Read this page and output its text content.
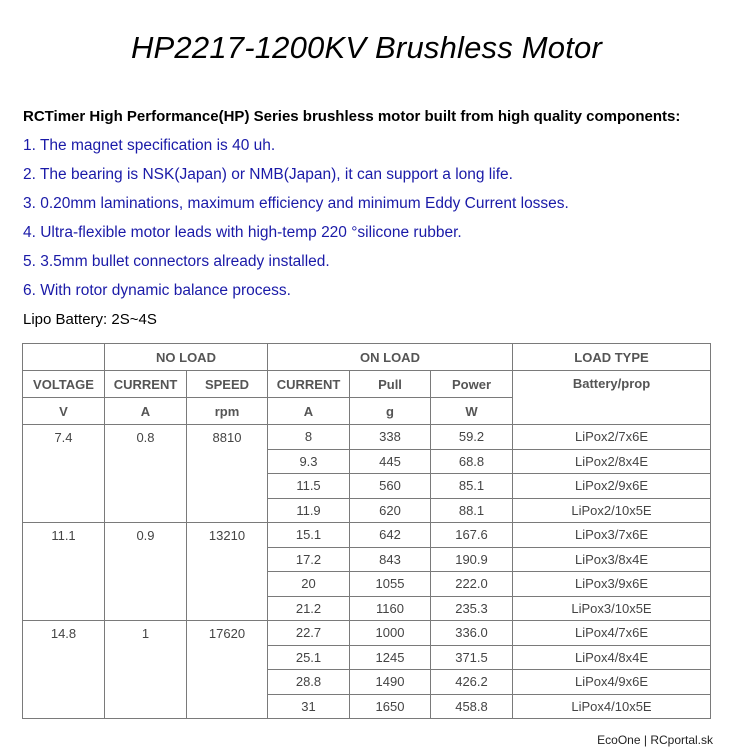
HP2217-1200KV Brushless Motor
RCTimer High Performance(HP) Series brushless motor built from high quality components:
1. The magnet specification is 40 uh.
2. The bearing is NSK(Japan) or NMB(Japan), it can support a long life.
3. 0.20mm laminations, maximum efficiency and minimum Eddy Current losses.
4. Ultra-flexible motor leads with high-temp 220 °silicone rubber.
5. 3.5mm bullet connectors already installed.
6. With rotor dynamic balance process.
Lipo Battery: 2S~4S
	NO LOAD		ON LOAD			LOAD TYPE
VOLTAGE	CURRENT	SPEED	CURRENT	Pull	Power	Battery/prop
V	A	rpm	A	g	W	
7.4	0.8	8810	8	338	59.2	LiPox2/7x6E
			9.3	445	68.8	LiPox2/8x4E
			11.5	560	85.1	LiPox2/9x6E
			11.9	620	88.1	LiPox2/10x5E
11.1	0.9	13210	15.1	642	167.6	LiPox3/7x6E
			17.2	843	190.9	LiPox3/8x4E
			20	1055	222.0	LiPox3/9x6E
			21.2	1160	235.3	LiPox3/10x5E
14.8	1	17620	22.7	1000	336.0	LiPox4/7x6E
			25.1	1245	371.5	LiPox4/8x4E
			28.8	1490	426.2	LiPox4/9x6E
			31	1650	458.8	LiPox4/10x5E
EcoOne | RCportal.sk
